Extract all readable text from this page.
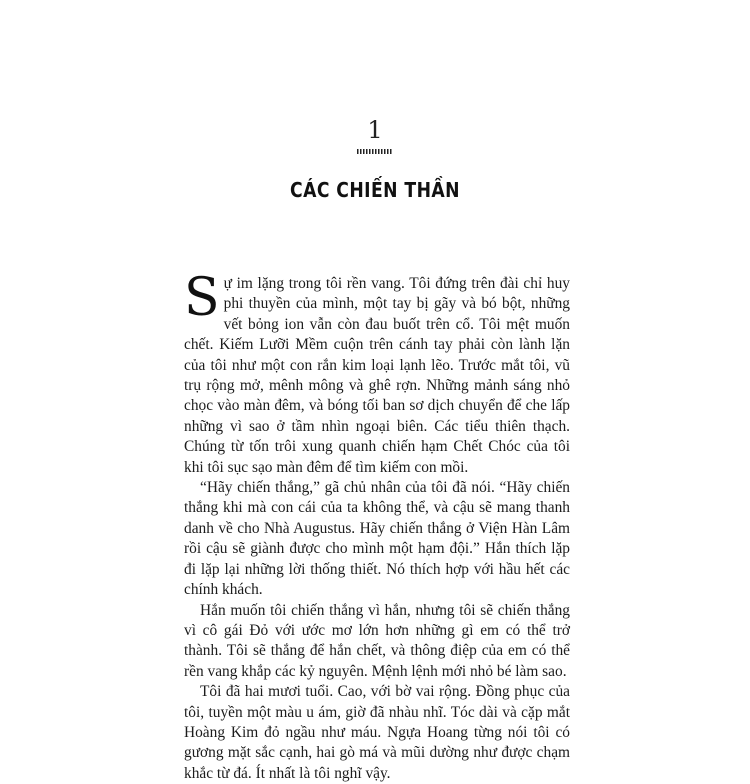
1
CÁC CHIẾN THẦN

Sự im lặng trong tôi rền vang. Tôi đứng trên đài chỉ huy phi thuyền của mình, một tay bị gãy và bó bột, những vết bỏng ion vẫn còn đau buốt trên cổ. Tôi mệt muốn chết. Kiếm Lưỡi Mềm cuộn trên cánh tay phải còn lành lặn của tôi như một con rắn kim loại lạnh lẽo. Trước mắt tôi, vũ trụ rộng mở, mênh mông và ghê rợn. Những mảnh sáng nhỏ chọc vào màn đêm, và bóng tối ban sơ dịch chuyển để che lấp những vì sao ở tầm nhìn ngoại biên. Các tiểu thiên thạch. Chúng từ tốn trôi xung quanh chiến hạm Chết Chóc của tôi khi tôi sục sạo màn đêm để tìm kiếm con mồi.

“Hãy chiến thắng,” gã chủ nhân của tôi đã nói. “Hãy chiến thắng khi mà con cái của ta không thể, và cậu sẽ mang thanh danh về cho Nhà Augustus. Hãy chiến thắng ở Viện Hàn Lâm rồi cậu sẽ giành được cho mình một hạm đội.” Hắn thích lặp đi lặp lại những lời thống thiết. Nó thích hợp với hầu hết các chính khách.

Hắn muốn tôi chiến thắng vì hắn, nhưng tôi sẽ chiến thắng vì cô gái Đỏ với ước mơ lớn hơn những gì em có thể trở thành. Tôi sẽ thắng để hắn chết, và thông điệp của em có thể rền vang khắp các kỷ nguyên. Mệnh lệnh mới nhỏ bé làm sao.

Tôi đã hai mươi tuổi. Cao, với bờ vai rộng. Đồng phục của tôi, tuyền một màu u ám, giờ đã nhàu nhĩ. Tóc dài và cặp mắt Hoàng Kim đỏ ngầu như máu. Ngựa Hoang từng nói tôi có gương mặt sắc cạnh, hai gò má và mũi dường như được chạm khắc từ đá. Ít nhất là tôi nghĩ vậy.
